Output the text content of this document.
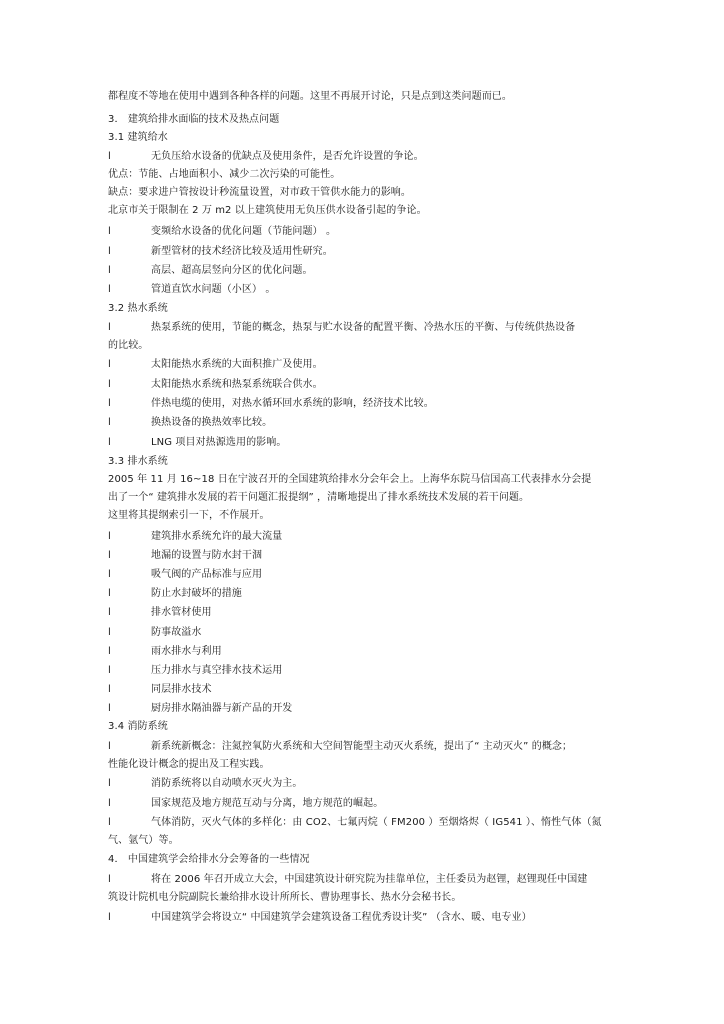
都程度不等地在使用中遇到各种各样的问题。这里不再展开讨论，只是点到这类问题而已。
3． 建筑给排水面临的技术及热点问题
3.1 建筑给水
l	无负压给水设备的优缺点及使用条件，是否允许设置的争论。
优点：节能、占地面积小、减少二次污染的可能性。
缺点：要求进户管按设计秒流量设置，对市政干管供水能力的影响。
北京市关于限制在 2 万 m2 以上建筑使用无负压供水设备引起的争论。
l	变频给水设备的优化问题（节能问题） 。
l	新型管材的技术经济比较及适用性研究。
l	高层、超高层竖向分区的优化问题。
l	管道直饮水问题（小区） 。
3.2 热水系统
l	热泵系统的使用，节能的概念，热泵与贮水设备的配置平衡、冷热水压的平衡、与传统供热设备
的比较。
l	太阳能热水系统的大面积推广及使用。
l	太阳能热水系统和热泵系统联合供水。
l	伴热电缆的使用，对热水循环回水系统的影响，经济技术比较。
l	换热设备的换热效率比较。
l	LNG 项目对热源选用的影响。
3.3 排水系统
2005 年 11 月 16~18 日在宁波召开的全国建筑给排水分会年会上。上海华东院马信国高工代表排水分会提
出了一个“ 建筑排水发展的若干问题汇报提纲” ，清晰地提出了排水系统技术发展的若干问题。
这里将其提纲索引一下，不作展开。
l	建筑排水系统允许的最大流量
l	地漏的设置与防水封干涸
l	吸气阀的产品标准与应用
l	防止水封破坏的措施
l	排水管材使用
l	防事故溢水
l	雨水排水与利用
l	压力排水与真空排水技术运用
l	同层排水技术
l	厨房排水隔油器与新产品的开发
3.4 消防系统
l	新系统新概念：注氮控氧防火系统和大空间智能型主动灭火系统，提出了“ 主动灭火” 的概念；
性能化设计概念的提出及工程实践。
l	消防系统将以自动喷水灭火为主。
l	国家规范及地方规范互动与分离，地方规范的崛起。
l	气体消防，灭火气体的多样化：由 CO2、七氟丙烷（ FM200 ）至烟烙烬（ IG541 ）、惰性气体（氮
气、氩气）等。
4． 中国建筑学会给排水分会筹备的一些情况
l	将在 2006 年召开成立大会，中国建筑设计研究院为挂靠单位，主任委员为赵锂，赵锂现任中国建
筑设计院机电分院副院长兼给排水设计所所长、曹协理事长、热水分会秘书长。
l	中国建筑学会将设立“ 中国建筑学会建筑设备工程优秀设计奖” （含水、暖、电专业）
